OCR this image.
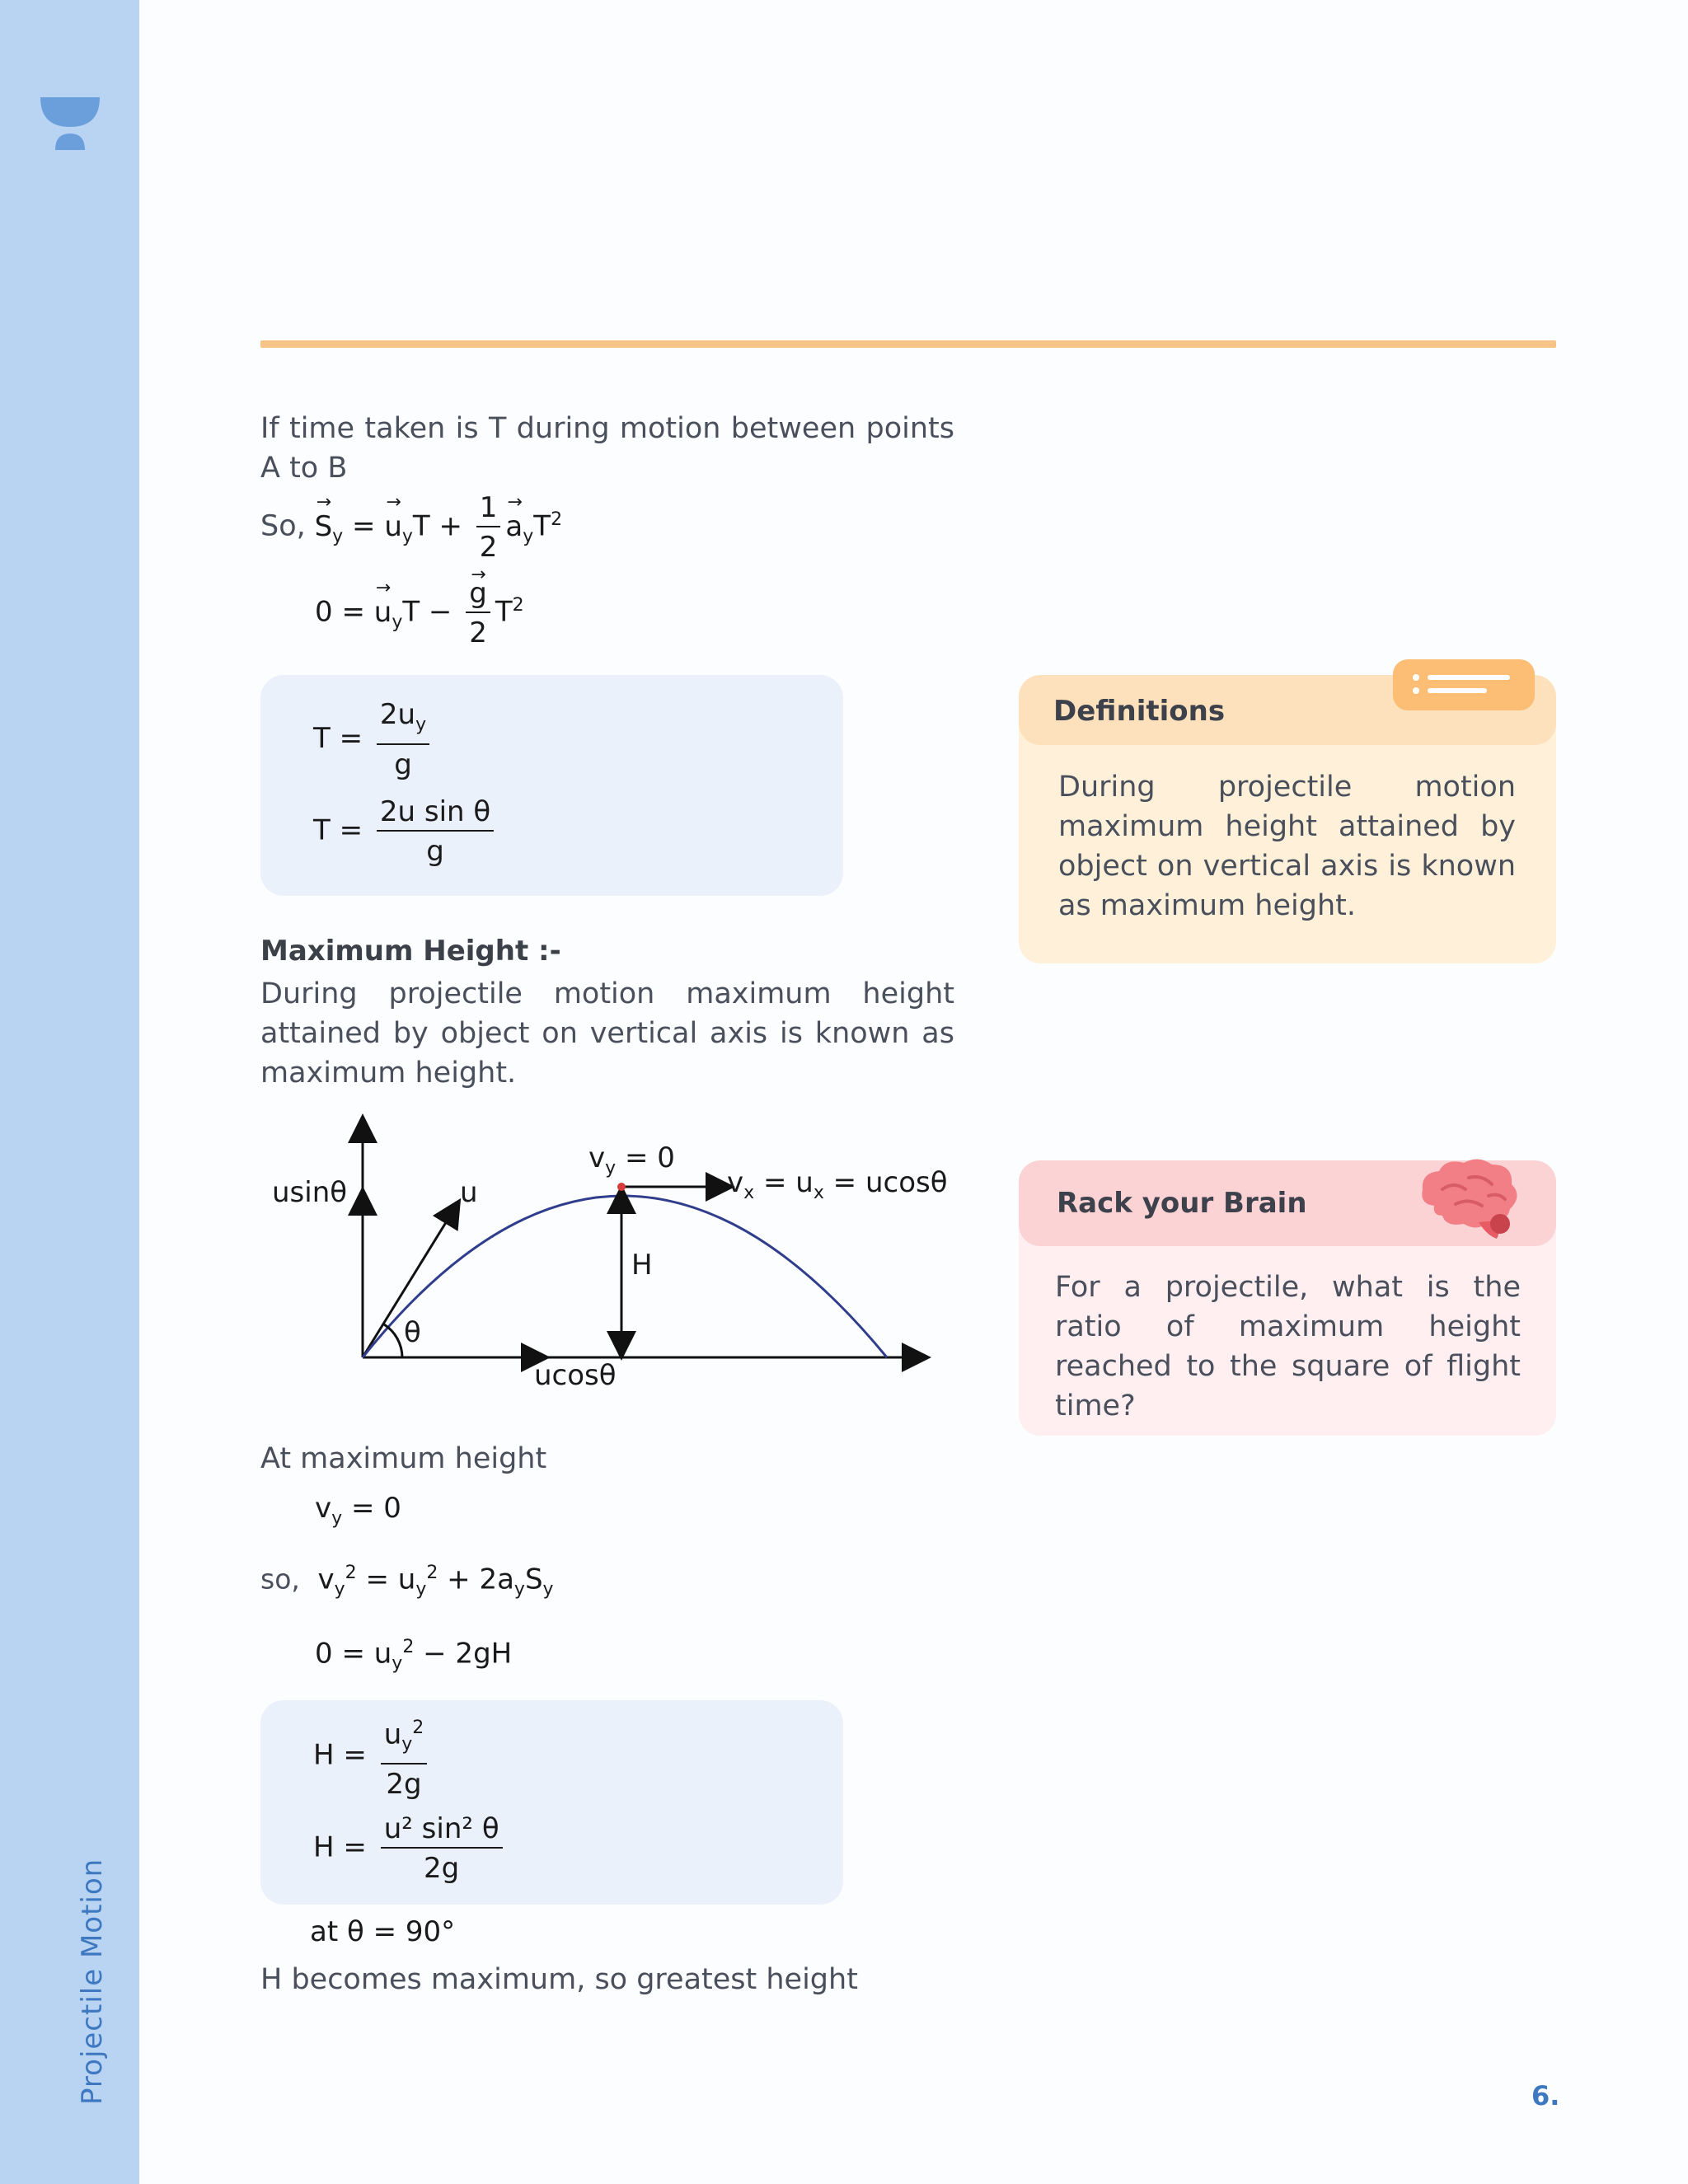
Projectile Motion
If time taken is T during motion between points A to B
So, → $S_y$ = → $u_yT + \frac{1}{2}$
→ $a_yT^2$
0 = → $u_yT$ −
→ $\frac{g}{2} T^2$
$T = \frac{2u_y}{g}$
$T = \frac{\text{2u sin θ}}{g}$
Maximum Height :-
During projectile motion maximum height attained by object on vertical axis is known as maximum height.
usinθ	u
$v_y = 0$
$v_x = u_x = ucos\theta$
H
θ
ucosθ
At maximum height
$v_y = 0$
so,  $v_y^2 = u_y^2 + 2a_yS_y$
$0 = u_y^2 - 2gH$
$H = \frac{u_y^2}{2g}$
$H = \frac{\text{u² sin² θ}}{2g}$
at θ = 90°
H becomes maximum, so greatest height
Definitions
During projectile motion maximum height attained by object on vertical axis is known as maximum height.
Rack your Brain
For a projectile, what is the ratio of maximum height reached to the square of flight time?
6.
